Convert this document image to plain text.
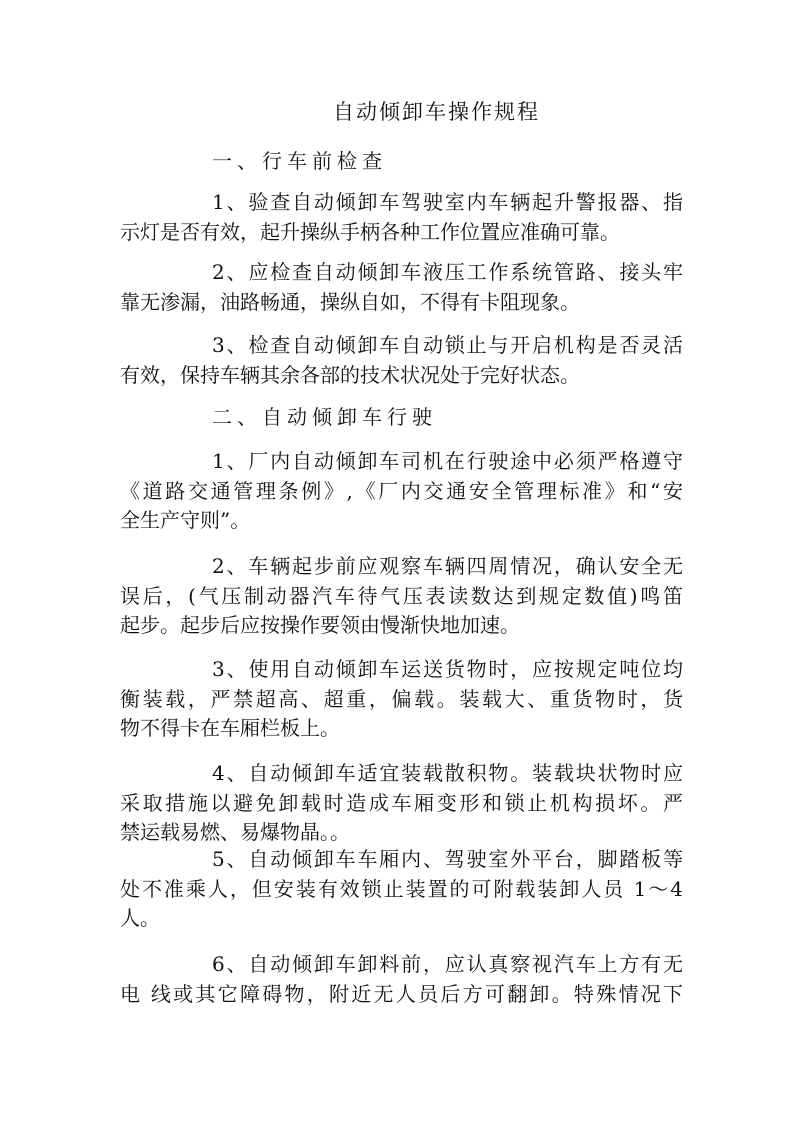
自动倾卸车操作规程
一、行车前检查
1、验查自动倾卸车驾驶室内车辆起升警报器、指
示灯是否有效，起升操纵手柄各种工作位置应准确可靠。
2、应检查自动倾卸车液压工作系统管路、接头牢
靠无渗漏，油路畅通，操纵自如，不得有卡阻现象。
3、检查自动倾卸车自动锁止与开启机构是否灵活
有效，保持车辆其余各部的技术状况处于完好状态。
二、自动倾卸车行驶
1、厂内自动倾卸车司机在行驶途中必须严格遵守
《道路交通管理条例》,《厂内交通安全管理标准》和“安
全生产守则”。
2、车辆起步前应观察车辆四周情况，确认安全无
误后，(气压制动器汽车待气压表读数达到规定数值)鸣笛
起步。起步后应按操作要领由慢渐快地加速。
3、使用自动倾卸车运送货物时，应按规定吨位均
衡装载，严禁超高、超重，偏载。装载大、重货物时，货
物不得卡在车厢栏板上。
4、自动倾卸车适宜装载散积物。装载块状物时应
采取措施以避免卸载时造成车厢变形和锁止机构损坏。严
禁运载易燃、易爆物晶。。
5、自动倾卸车车厢内、驾驶室外平台，脚踏板等
处不准乘人，但安装有效锁止装置的可附载装卸人员 1～4
人。
6、自动倾卸车卸料前，应认真察视汽车上方有无
电 线或其它障碍物，附近无人员后方可翻卸。特殊情况下
